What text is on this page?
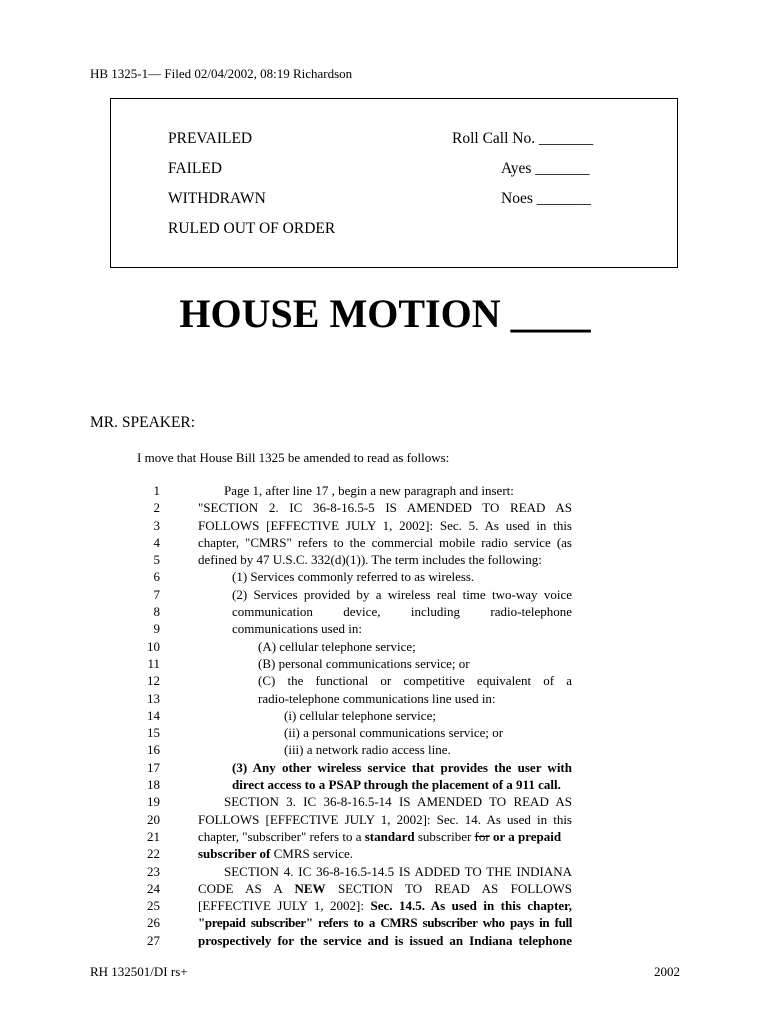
HB 1325-1— Filed 02/04/2002, 08:19 Richardson
PREVAILED
FAILED
WITHDRAWN
RULED OUT OF ORDER
Roll Call No. _______
Ayes _______
Noes _______
HOUSE MOTION ____
MR. SPEAKER:
I move that House Bill 1325 be amended to read as follows:
1	Page 1, after line 17 , begin a new paragraph and insert:
2	"SECTION 2. IC 36-8-16.5-5 IS AMENDED TO READ AS
3	FOLLOWS [EFFECTIVE JULY 1, 2002]: Sec. 5. As used in this
4	chapter, "CMRS" refers to the commercial mobile radio service (as
5	defined by 47 U.S.C. 332(d)(1)). The term includes the following:
6	(1) Services commonly referred to as wireless.
7	(2) Services provided by a wireless real time two-way voice
8	communication device, including radio-telephone
9	communications used in:
10	(A) cellular telephone service;
11	(B) personal communications service; or
12	(C) the functional or competitive equivalent of a
13	radio-telephone communications line used in:
14	(i) cellular telephone service;
15	(ii) a personal communications service; or
16	(iii) a network radio access line.
17	(3) Any other wireless service that provides the user with
18	direct access to a PSAP through the placement of a 911 call.
19	SECTION 3. IC 36-8-16.5-14 IS AMENDED TO READ AS
20	FOLLOWS [EFFECTIVE JULY 1, 2002]: Sec. 14. As used in this
21	chapter, "subscriber" refers to a standard subscriber for or a prepaid
22	subscriber of CMRS service.
23	SECTION 4. IC 36-8-16.5-14.5 IS ADDED TO THE INDIANA
24	CODE AS A NEW SECTION TO READ AS FOLLOWS
25	[EFFECTIVE JULY 1, 2002]: Sec. 14.5. As used in this chapter,
26	"prepaid subscriber" refers to a CMRS subscriber who pays in full
27	prospectively for the service and is issued an Indiana telephone
RH 132501/DI rs+	2002
